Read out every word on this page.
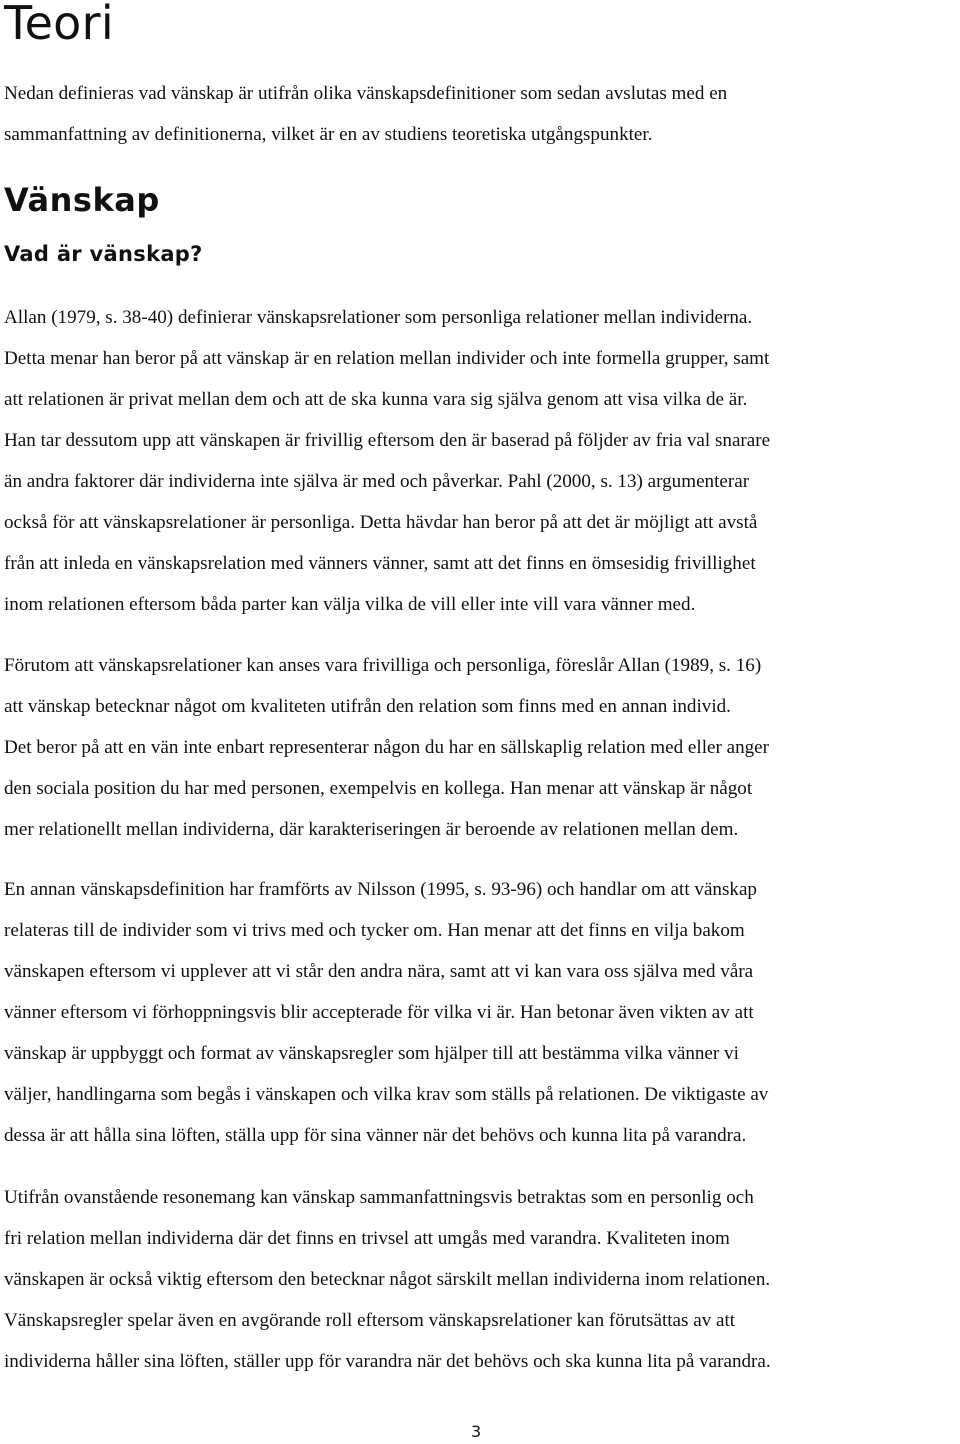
Teori

Nedan definieras vad vänskap är utifrån olika vänskapsdefinitioner som sedan avslutas med en
sammanfattning av definitionerna, vilket är en av studiens teoretiska utgångspunkter.

Vänskap
Vad är vänskap?

Allan (1979, s. 38-40) definierar vänskapsrelationer som personliga relationer mellan individerna.
Detta menar han beror på att vänskap är en relation mellan individer och inte formella grupper, samt
att relationen är privat mellan dem och att de ska kunna vara sig själva genom att visa vilka de är.
Han tar dessutom upp att vänskapen är frivillig eftersom den är baserad på följder av fria val snarare
än andra faktorer där individerna inte själva är med och påverkar. Pahl (2000, s. 13) argumenterar
också för att vänskapsrelationer är personliga. Detta hävdar han beror på att det är möjligt att avstå
från att inleda en vänskapsrelation med vänners vänner, samt att det finns en ömsesidig frivillighet
inom relationen eftersom båda parter kan välja vilka de vill eller inte vill vara vänner med.

Förutom att vänskapsrelationer kan anses vara frivilliga och personliga, föreslår Allan (1989, s. 16)
att vänskap betecknar något om kvaliteten utifrån den relation som finns med en annan individ.
Det beror på att en vän inte enbart representerar någon du har en sällskaplig relation med eller anger
den sociala position du har med personen, exempelvis en kollega. Han menar att vänskap är något
mer relationellt mellan individerna, där karakteriseringen är beroende av relationen mellan dem.

En annan vänskapsdefinition har framförts av Nilsson (1995, s. 93-96) och handlar om att vänskap
relateras till de individer som vi trivs med och tycker om. Han menar att det finns en vilja bakom
vänskapen eftersom vi upplever att vi står den andra nära, samt att vi kan vara oss själva med våra
vänner eftersom vi förhoppningsvis blir accepterade för vilka vi är. Han betonar även vikten av att
vänskap är uppbyggt och format av vänskapsregler som hjälper till att bestämma vilka vänner vi
väljer, handlingarna som begås i vänskapen och vilka krav som ställs på relationen. De viktigaste av
dessa är att hålla sina löften, ställa upp för sina vänner när det behövs och kunna lita på varandra.

Utifrån ovanstående resonemang kan vänskap sammanfattningsvis betraktas som en personlig och
fri relation mellan individerna där det finns en trivsel att umgås med varandra. Kvaliteten inom
vänskapen är också viktig eftersom den betecknar något särskilt mellan individerna inom relationen.
Vänskapsregler spelar även en avgörande roll eftersom vänskapsrelationer kan förutsättas av att
individerna håller sina löften, ställer upp för varandra när det behövs och ska kunna lita på varandra.

3
